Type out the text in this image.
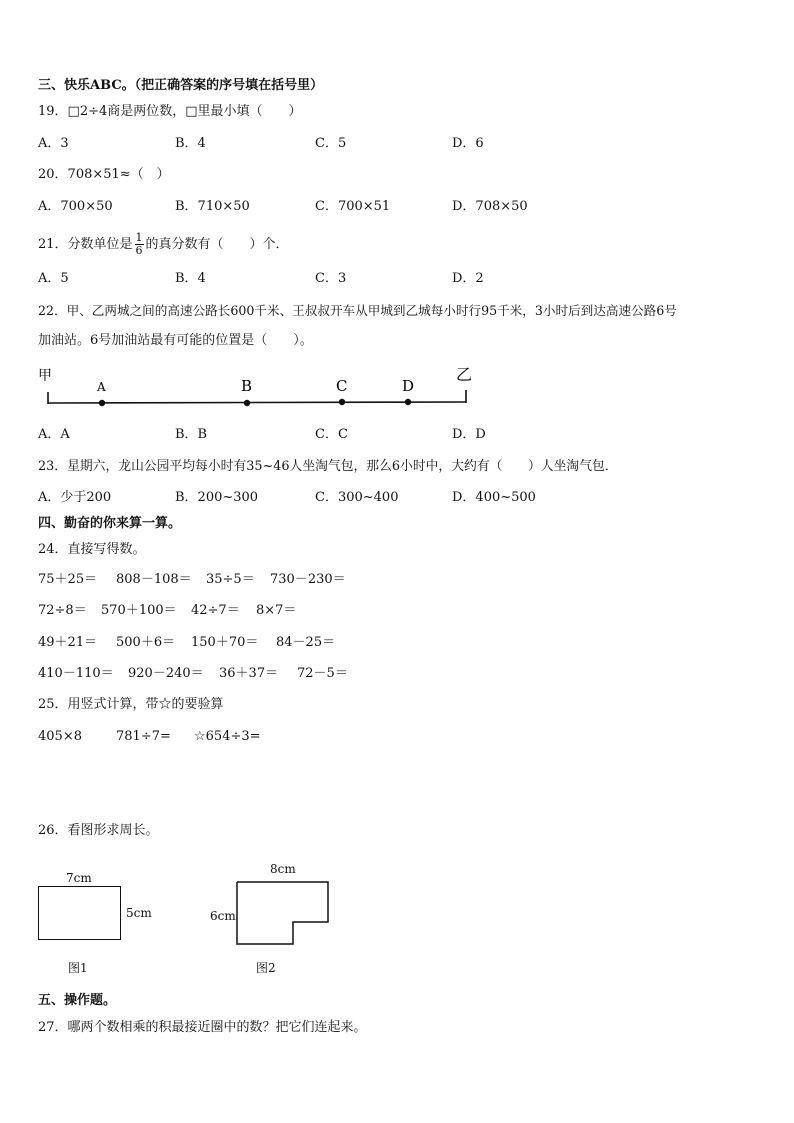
三、快乐ABC。（把正确答案的序号填在括号里）
19．□2÷4商是两位数，□里最小填（　　）
A．3	B．4	C．5	D．6
20．708×51≈（　）
A．700×50	B．710×50	C．700×51	D．708×50
21．分数单位是 $\frac{1}{6}$ 的真分数有（　　）个．
A．5	B．4	C．3	D．2
22．甲、乙两城之间的高速公路长600千米、王叔叔开车从甲城到乙城每小时行95千米，3小时后到达高速公路6号
加油站。6号加油站最有可能的位置是（　　）。
甲	乙
A	B	C	D
A．A	B．B	C．C	D．D
23．星期六，龙山公园平均每小时有35~46人坐淘气包，那么6小时中，大约有（　　）人坐淘气包．
A．少于200	B．200~300	C．300~400	D．400~500
四、勤奋的你来算一算。
24．直接写得数。
75＋25＝ 808－108＝ 35÷5＝ 730－230＝
72÷8＝ 570＋100＝ 42÷7＝ 8×7＝
49＋21＝ 500＋6＝ 150＋70＝ 84－25＝
410－110＝ 920－240＝ 36＋37＝ 72－5＝
25．用竖式计算，带☆的要验算
405×8	781÷7= ☆654÷3=
26．看图形求周长。
7cm
5cm
图1
8cm
6cm
图2
五、操作题。
27．哪两个数相乘的积最接近圈中的数？把它们连起来。
